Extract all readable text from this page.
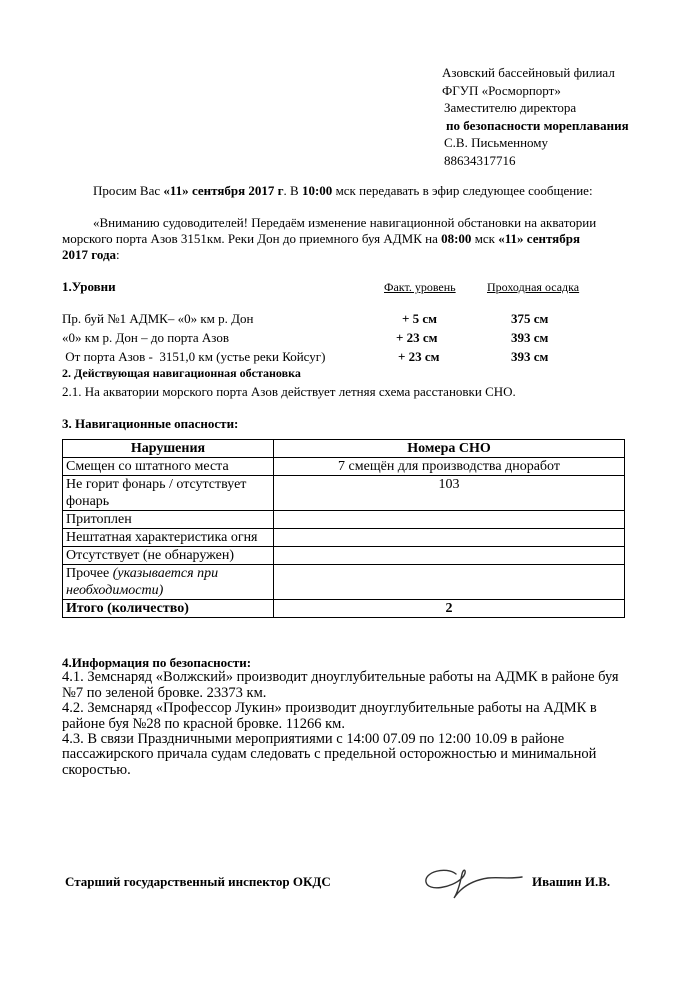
Азовский бассейновый филиал
ФГУП «Росморпорт»
Заместителю директора
по безопасности мореплавания
С.В. Письменному
88634317716
Просим Вас «11» сентября 2017 г. В 10:00 мск передавать в эфир следующее сообщение:
«Вниманию судоводителей! Передаём изменение навигационной обстановки на акватории
морского порта Азов 3151км. Реки Дон до приемного буя АДМК на 08:00 мск «11» сентября
2017 года:
1.Уровни	Факт. уровень	Проходная осадка
Пр. буй №1 АДМК– «0» км р. Дон	+ 5 см	375 см
«0» км р. Дон – до порта Азов	+ 23 см	393 см
От порта Азов -  3151,0 км (устье реки Койсуг)	+ 23 см	393 см
2. Действующая навигационная обстановка
2.1. На акватории морского порта Азов действует летняя схема расстановки СНО.
3. Навигационные опасности:
Нарушения	Номера СНО
Смещен со штатного места	7 смещён для производства дноработ
Не горит фонарь / отсутствует фонарь	103
Притоплен	
Нештатная характеристика огня	
Отсутствует (не обнаружен)	
Прочее (указывается при необходимости)	
Итого (количество)	2
4.Информация по безопасности:
4.1. Земснаряд «Волжский» производит дноуглубительные работы на АДМК в районе буя №7 по зеленой бровке. 23373 км.
4.2. Земснаряд «Профессор Лукин» производит дноуглубительные работы на АДМК в районе буя №28 по красной бровке. 11266 км.
4.3. В связи Праздничными мероприятиями с 14:00 07.09 по 12:00 10.09 в районе пассажирского причала судам следовать с предельной осторожностью и минимальной скоростью.
Старший государственный инспектор ОКДС	Ивашин И.В.
